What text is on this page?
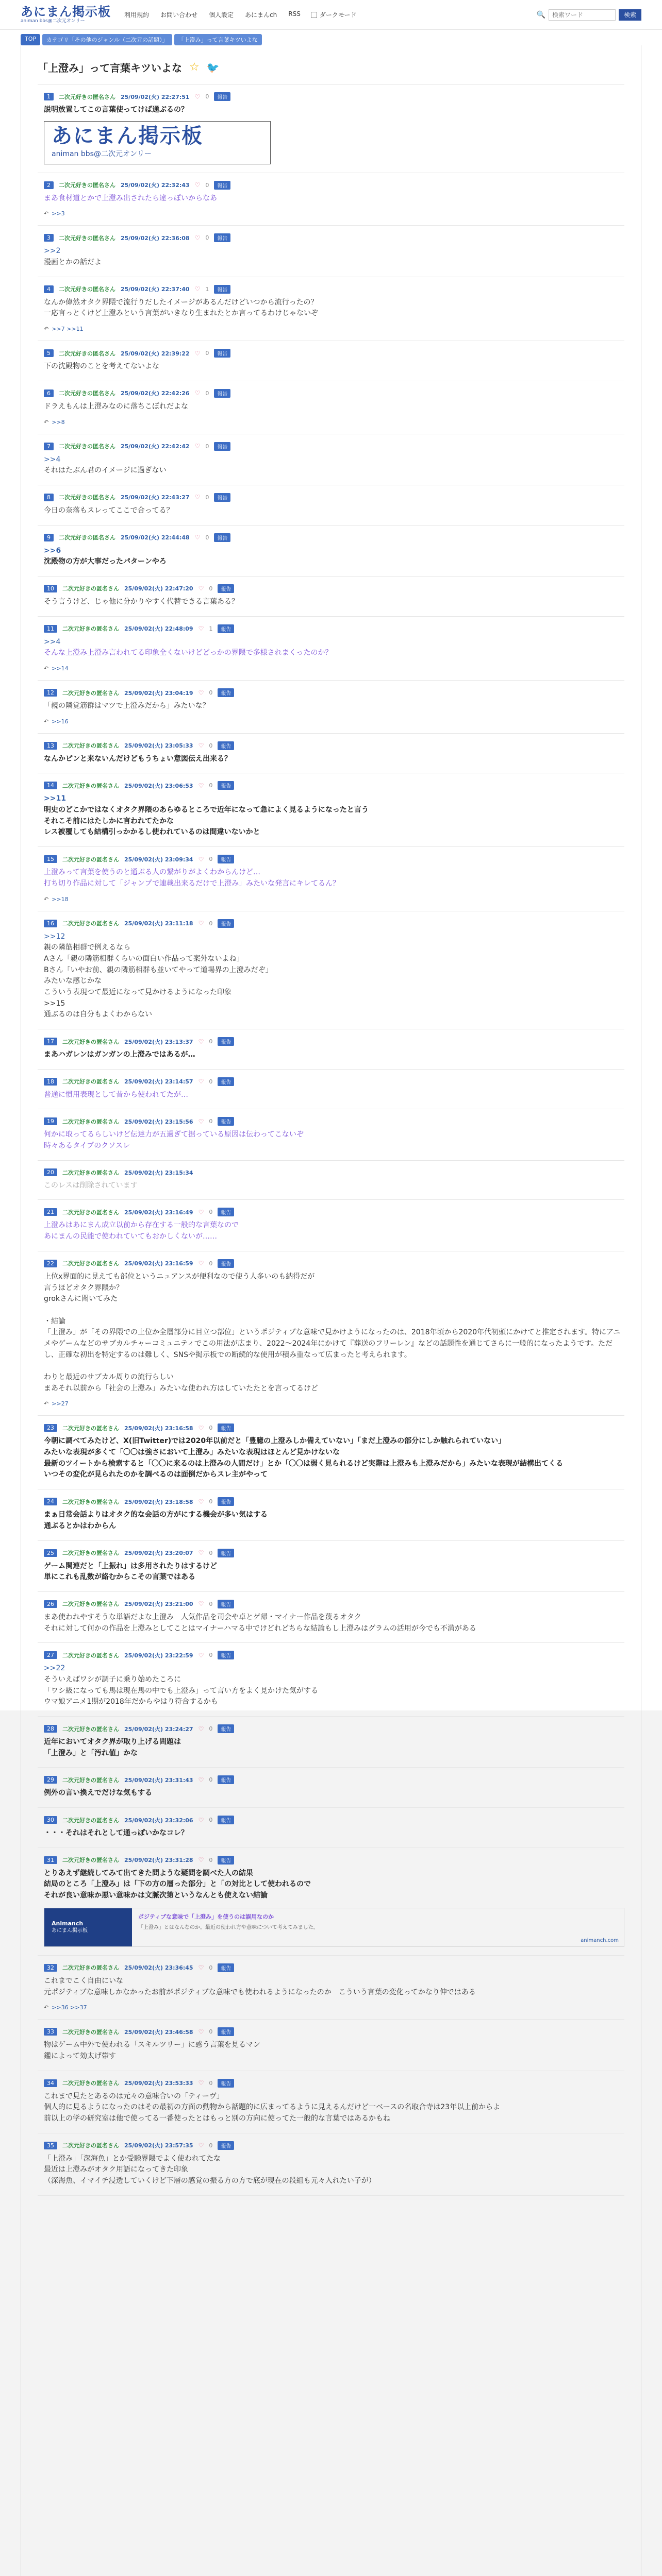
あにまん掲示板
animan bbs@二次元オンリー
利用規約 お問い合わせ 個人設定 あにまんch RSS	ダークモード	🔍
検索ワード	検索
TOP	カテゴリ「その他のジャンル（二次元の話題）」	「上澄み」って言葉キツいよな
「上澄み」って言葉キツいよな ☆ 🐦
1	二次元好きの匿名さん 25/09/02(火) 22:27:51 ♡ 0	報告
説明放置してこの言葉使ってけば通ぶるの？
あにまん掲示板
animan bbs@二次元オンリー
2	二次元好きの匿名さん 25/09/02(火) 22:32:43 ♡ 0	報告
まあ食材道とかで上澄み出されたら違っぽいからなあ
↶ >>3
3	二次元好きの匿名さん 25/09/02(火) 22:36:08 ♡ 0	報告
>>2
漫画とかの話だよ
4	二次元好きの匿名さん 25/09/02(火) 22:37:40 ♡ 1	報告
なんか偉然オタク界隈で流行りだしたイメージがあるんだけどいつから流行ったの？
一応言っとくけど上澄みという言葉がいきなり生まれたとか言ってるわけじゃないぞ
↶ >>7 >>11
5	二次元好きの匿名さん 25/09/02(火) 22:39:22 ♡ 0	報告
下の沈殿物のことを考えてないよな
6	二次元好きの匿名さん 25/09/02(火) 22:42:26 ♡ 0	報告
ドラえもんは上澄みなのに落ちこぼれだよな
↶ >>8
7	二次元好きの匿名さん 25/09/02(火) 22:42:42 ♡ 0	報告
>>4
それはたぶん君のイメージに過ぎない
8	二次元好きの匿名さん 25/09/02(火) 22:43:27 ♡ 0	報告
今日の奈落もスレってここで合ってる？
9	二次元好きの匿名さん 25/09/02(火) 22:44:48 ♡ 0	報告
>>6
沈殿物の方が大事だったパターンやろ
10	二次元好きの匿名さん 25/09/02(火) 22:47:20 ♡ 0	報告
そう言うけど、じゃ他に分かりやすく代替できる言葉ある？
11	二次元好きの匿名さん 25/09/02(火) 22:48:09 ♡ 1	報告
>>4
そんな上澄み上澄み言われてる印象全くないけどどっかの界隈で多様されまくったのか？
↶ >>14
12	二次元好きの匿名さん 25/09/02(火) 23:04:19 ♡ 0	報告
「親の隣覚筋群はマツで上澄みだから」みたいな？
↶ >>16
13	二次元好きの匿名さん 25/09/02(火) 23:05:33 ♡ 0	報告
なんかピンと来ないんだけどもうちょい意図伝え出来る？
14	二次元好きの匿名さん 25/09/02(火) 23:06:53 ♡ 0	報告
>>11
明史のどこかではなくオタク界隈のあらゆるところで近年になって急によく見るようになったと言う
それこそ前にはたしかに言われてたかな
レス被覆しても結構引っかかるし使われているのは間違いないかと
15	二次元好きの匿名さん 25/09/02(火) 23:09:34 ♡ 0	報告
上澄みって言葉を使うのと通ぶる人の繋がりがよくわからんけど…
打ち切り作品に対して「ジャンプで連載出来るだけで上澄み」みたいな発言にキレてるん？
↶ >>18
16	二次元好きの匿名さん 25/09/02(火) 23:11:18 ♡ 0	報告
>>12
親の隣筋相群で例えるなら
Aさん「親の隣筋相群くらいの面白い作品って案外ないよね」
Bさん「いやお前、親の隣筋相群も並いてやって道場界の上澄みだぞ」
みたいな感じかな
こういう表現つて最近になって見かけるようになった印象
>>15
通ぶるのは自分もよくわからない
17	二次元好きの匿名さん 25/09/02(火) 23:13:37 ♡ 0	報告
まあハガレンはガンガンの上澄みではあるが…
18	二次元好きの匿名さん 25/09/02(火) 23:14:57 ♡ 0	報告
普通に慣用表現として昔から使われてたが…
19	二次元好きの匿名さん 25/09/02(火) 23:15:56 ♡ 0	報告
何かに取ってるらしいけど伝達力が五過ぎて据っている原因は伝わってこないぞ
時々あるタイプのクソスレ
20	二次元好きの匿名さん 25/09/02(火) 23:15:34
このレスは削除されています
21	二次元好きの匿名さん 25/09/02(火) 23:16:49 ♡ 0	報告
上澄みはあにまん成立以前から存在する一般的な言葉なので
あにまんの民能で使われていてもおかしくないが……
22	二次元好きの匿名さん 25/09/02(火) 23:16:59 ♡ 0	報告
上位x界面的に見えても部位というニュアンスが便利なので使う人多いのも納得だが
言うほどオタク界隈か？
grokさんに聞いてみた

・結論
「上澄み」が「その界隈での上位か全層部分に目立つ部位」というポジティブな意味で見かけようになったのは、2018年頃から2020年代初頭にかけてと推定されます。特にアニメやゲームなどのサブカルチャーコミュニティでこの用法が広まり、2022〜2024年にかけて『葬送のフリーレン』などの話題性を通じてさらに一般的になったようです。ただし、正確な初出を特定するのは難しく、SNSや掲示板での断続的な使用が積み重なって広まったと考えられます。

わりと最近のサブカル周りの流行らしい
まあそれ以前から「社会の上澄み」みたいな使われ方はしていたたとを言ってるけど
↶ >>27
23	二次元好きの匿名さん 25/09/02(火) 23:16:58 ♡ 0	報告
今朝に調べてみたけど、X(旧Twitter)では2020年以前だと「豊臆の上澄みしか備えていない」「まだ上澄みの部分にしか触れられていない」
みたいな表現が多くて「〇〇は強さにおいて上澄み」みたいな表現はほとんど見かけないな
最新のツイートから検索すると「〇〇に来るのは上澄みの人間だけ」とか「〇〇は弱く見られるけど実際は上澄みも上澄みだから」みたいな表現が結構出てくる
いつその変化が見られたのかを調べるのは面倒だからスレ主がやって
24	二次元好きの匿名さん 25/09/02(火) 23:18:58 ♡ 0	報告
まぁ日常会話よりはオタク的な会話の方がにする機会が多い気はする
通ぶるとかはわからん
25	二次元好きの匿名さん 25/09/02(火) 23:20:07 ♡ 0	報告
ゲーム関連だと「上振れ」は多用されたりはするけど
単にこれも乱数が絡むからこその言葉ではある
26	二次元好きの匿名さん 25/09/02(火) 23:21:00 ♡ 0	報告
まあ使われやすそうな単語だよな上澄み　人気作品を司会や卓とゲ帰・マイナー作品を蔑るオタク
それに対して何かの作品を上澄みとしてことはマイナーハマる中でけどれどちらな結論もし上澄みはグラムの活用が今でも不満がある
27	二次元好きの匿名さん 25/09/02(火) 23:22:59 ♡ 0	報告
>>22
そういえばワシが調子に乗り始めたころに
「ワシ級になっても馬は現在馬の中でも上澄み」って言い方をよく見かけた気がする
ウマ娘アニメ1期が2018年だからやはり符合するかも
28	二次元好きの匿名さん 25/09/02(火) 23:24:27 ♡ 0	報告
近年においてオタク界が取り上げる問題は
「上澄み」と「汚れ値」かな
29	二次元好きの匿名さん 25/09/02(火) 23:31:43 ♡ 0	報告
例外の言い換えでだけな気もする
30	二次元好きの匿名さん 25/09/02(火) 23:32:06 ♡ 0	報告
・・・それはそれとして通っぽいかなコレ？
31	二次元好きの匿名さん 25/09/02(火) 23:31:28 ♡ 0	報告
とりあえず継続してみて出てきた問ような疑問を調べた人の結果
結局のところ「上澄み」は「下の方の層った部分」と「の対比として使われるので
それが良い意味か悪い意味かは文脈次第というなんとも使えない結論
Animanch
あにまん掲示板
ポジティブな意味で「上澄み」を使うのは誤用なのか
「上澄み」とはなんなのか。最近の使われ方や意味について考えてみました。
animanch.com
32	二次元好きの匿名さん 25/09/02(火) 23:36:45 ♡ 0	報告
これまでこく自由にいな
元ポジティブな意味しかなかったお前がポジティブな意味でも使われるようになったのか　こういう言葉の変化ってかなり伸ではある
↶ >>36 >>37
33	二次元好きの匿名さん 25/09/02(火) 23:46:58 ♡ 0	報告
物はゲーム中外で使われる「スキルツリー」に惑う言葉を見るマン
鑑によって効太げ帯す
34	二次元好きの匿名さん 25/09/02(火) 23:53:33 ♡ 0	報告
これまで見たとあるのは元々の意味合いの「ティーヴ」
個人的に見るようになったのはその最初の方面の動物から話題的に広まってるように見えるんだけど一ベースの名取合寺は23年以上前からよ
前以上の学の研究室は他で使ってる一番使ったとはもっと別の方向に使ってた一般的な言葉ではあるかもね
35	二次元好きの匿名さん 25/09/02(火) 23:57:35 ♡ 0	報告
「上澄み」「深海魚」とか受験界隈でよく使われてたな
最近は上澄みがオタク用語になってきた印象
（深海魚、イマイチ浸透していくけど下層の感覚の振る方の方で底が現在の段組も元々入れたい子が）
